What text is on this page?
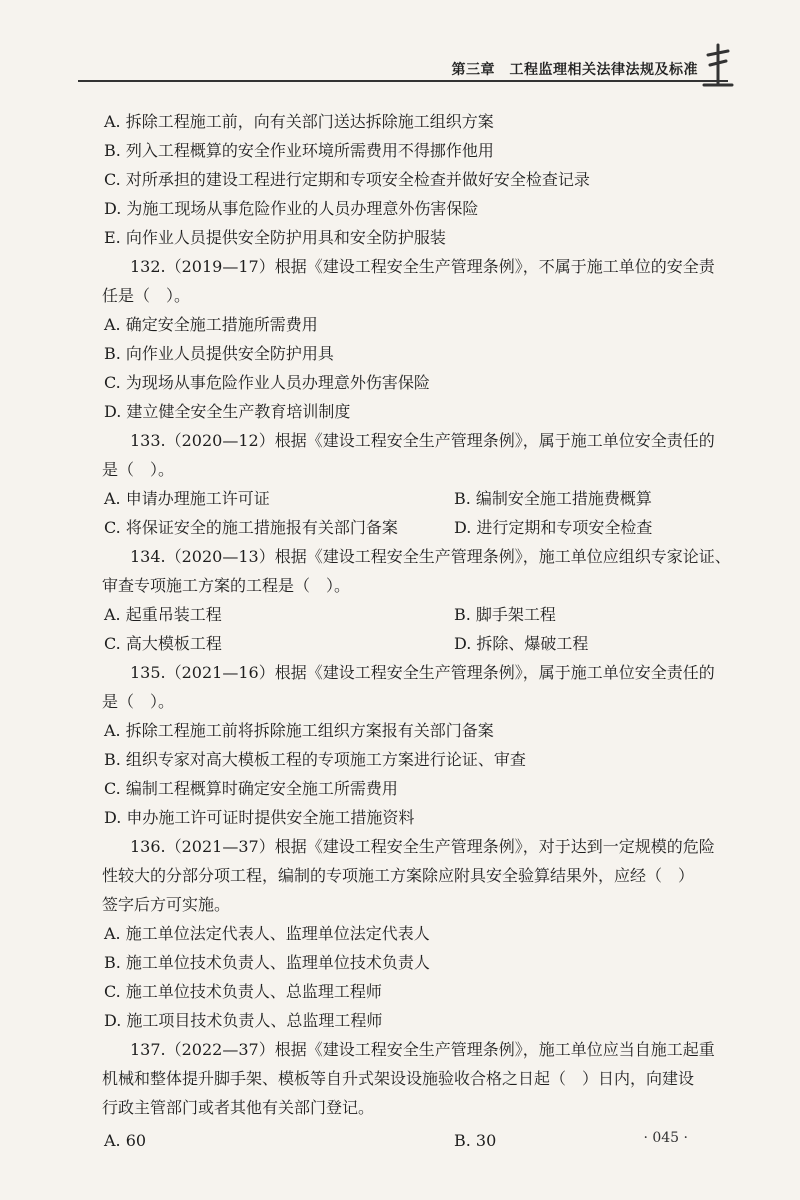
第三章　工程监理相关法律法规及标准
A. 拆除工程施工前，向有关部门送达拆除施工组织方案
B. 列入工程概算的安全作业环境所需费用不得挪作他用
C. 对所承担的建设工程进行定期和专项安全检查并做好安全检查记录
D. 为施工现场从事危险作业的人员办理意外伤害保险
E. 向作业人员提供安全防护用具和安全防护服装
132.（2019—17）根据《建设工程安全生产管理条例》，不属于施工单位的安全责
任是（　）。
A. 确定安全施工措施所需费用
B. 向作业人员提供安全防护用具
C. 为现场从事危险作业人员办理意外伤害保险
D. 建立健全安全生产教育培训制度
133.（2020—12）根据《建设工程安全生产管理条例》，属于施工单位安全责任的
是（　）。
A. 申请办理施工许可证	B. 编制安全施工措施费概算
C. 将保证安全的施工措施报有关部门备案	D. 进行定期和专项安全检查
134.（2020—13）根据《建设工程安全生产管理条例》，施工单位应组织专家论证、
审查专项施工方案的工程是（　）。
A. 起重吊装工程	B. 脚手架工程
C. 高大模板工程	D. 拆除、爆破工程
135.（2021—16）根据《建设工程安全生产管理条例》，属于施工单位安全责任的
是（　）。
A. 拆除工程施工前将拆除施工组织方案报有关部门备案
B. 组织专家对高大模板工程的专项施工方案进行论证、审查
C. 编制工程概算时确定安全施工所需费用
D. 申办施工许可证时提供安全施工措施资料
136.（2021—37）根据《建设工程安全生产管理条例》，对于达到一定规模的危险
性较大的分部分项工程，编制的专项施工方案除应附具安全验算结果外，应经（　）
签字后方可实施。
A. 施工单位法定代表人、监理单位法定代表人
B. 施工单位技术负责人、监理单位技术负责人
C. 施工单位技术负责人、总监理工程师
D. 施工项目技术负责人、总监理工程师
137.（2022—37）根据《建设工程安全生产管理条例》，施工单位应当自施工起重
机械和整体提升脚手架、模板等自升式架设设施验收合格之日起（　）日内，向建设
行政主管部门或者其他有关部门登记。
A. 60	B. 30	· 045 ·
